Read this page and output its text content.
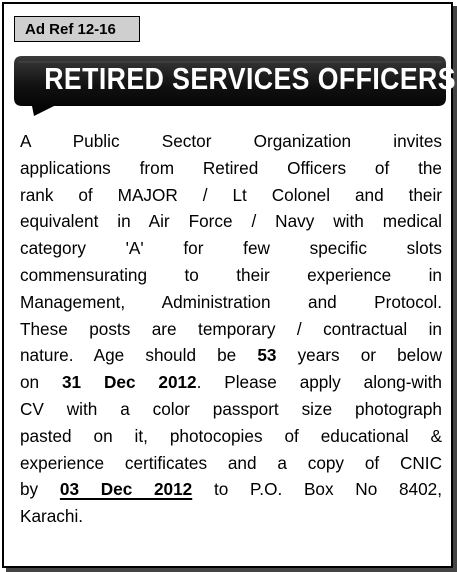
Ad Ref 12-16
RETIRED SERVICES OFFICERS
A Public Sector Organization invites
applications from Retired Officers of the
rank of MAJOR / Lt Colonel and their
equivalent in Air Force / Navy with medical
category 'A' for few specific slots
commensurating to their experience in
Management, Administration and Protocol.
These posts are temporary / contractual in
nature. Age should be 53 years or below
on 31 Dec 2012. Please apply along-with
CV with a color passport size photograph
pasted on it, photocopies of educational &
experience certificates and a copy of CNIC
by 03 Dec 2012 to P.O. Box No 8402,
Karachi.
